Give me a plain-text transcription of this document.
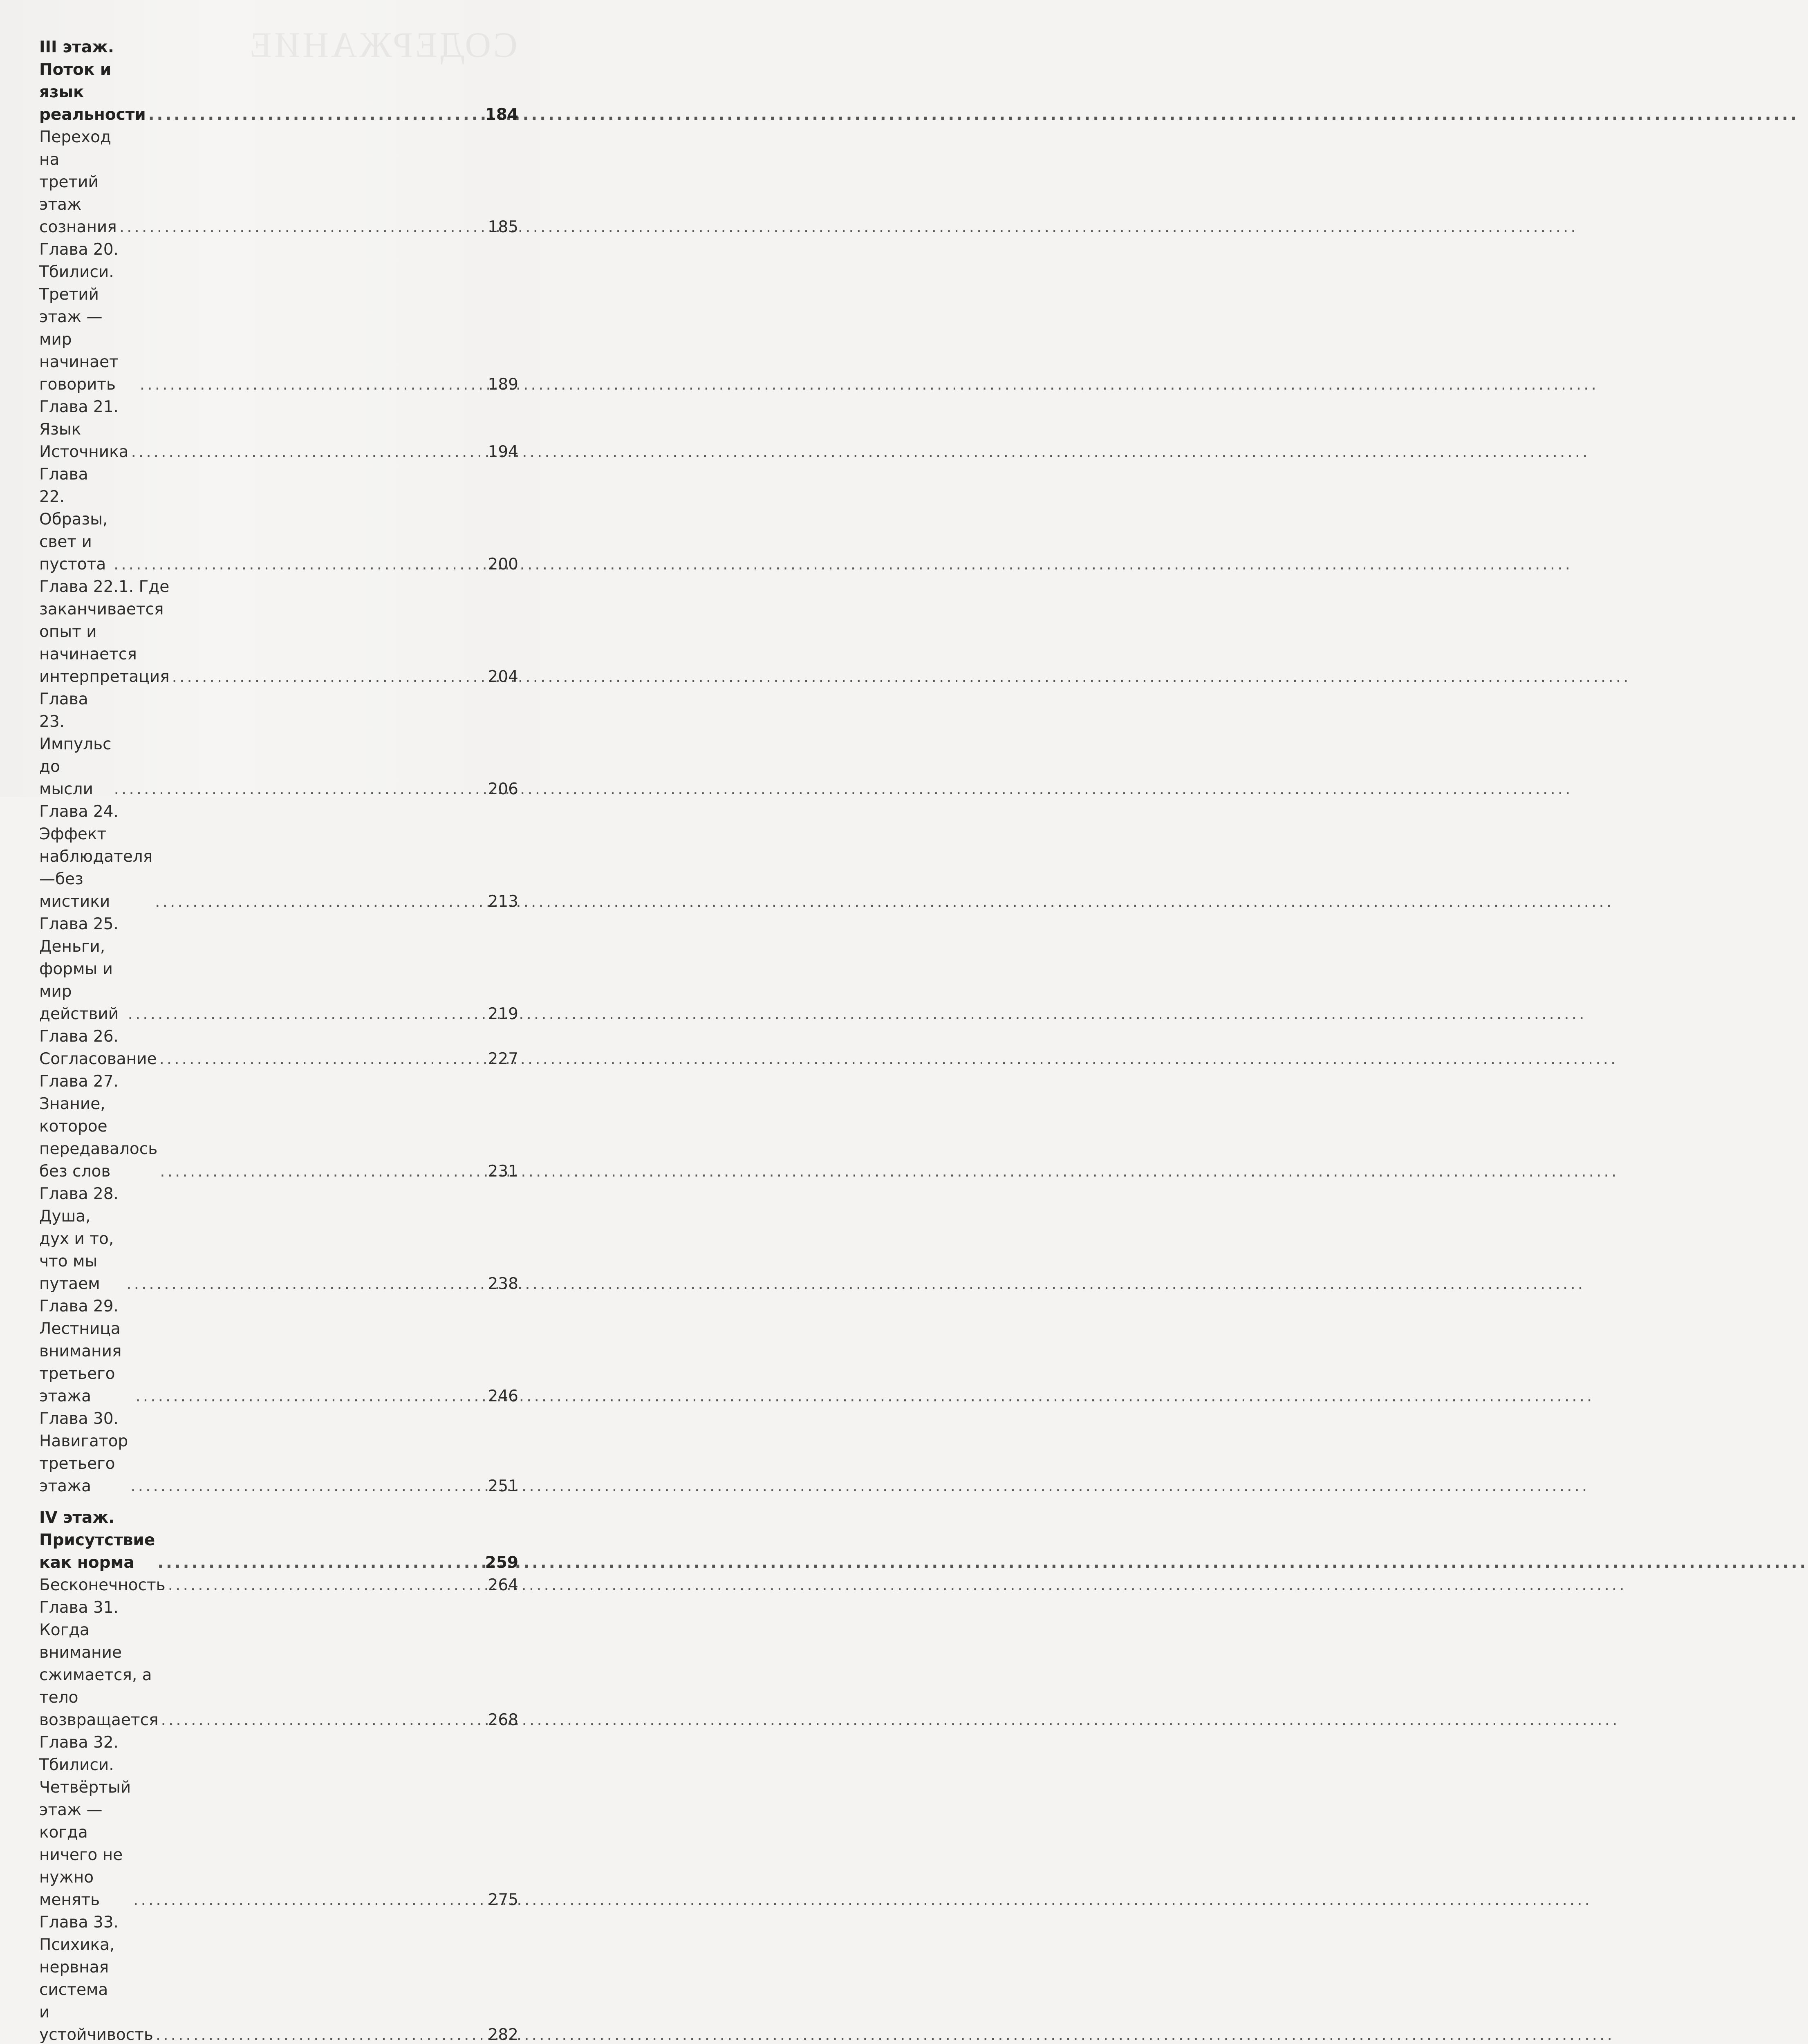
СОДЕРЖАНИЕ
III этаж. Поток и язык реальности .....	184
Переход на третий этаж сознания .....	185
Глава 20. Тбилиси. Третий этаж — мир начинает
говорить .....	189
Глава 21. Язык Источника .....	194
Глава 22. Образы, свет и пустота .....	200
Глава 22.1. Где заканчивается опыт и начинается
интерпретация .....	204
Глава 23. Импульс до мысли .....	206
Глава 24. Эффект наблюдателя —без мистики .....	213
Глава 25. Деньги, формы и мир действий .....	219
Глава 26. Согласование .....	227
Глава 27. Знание, которое передавалось без слов .....	231
Глава 28. Душа, дух и то, что мы путаем .....	238
Глава 29. Лестница внимания третьего этажа .....	246
Глава 30. Навигатор третьего этажа .....	251
IV этаж. Присутствие как норма .....	259
Бесконечность .....	264
Глава 31. Когда внимание сжимается, а тело
возвращается .....	268
Глава 32. Тбилиси. Четвёртый этаж —
когда ничего не нужно менять .....	275
Глава 33. Психика, нервная система
и устойчивость .....	282
